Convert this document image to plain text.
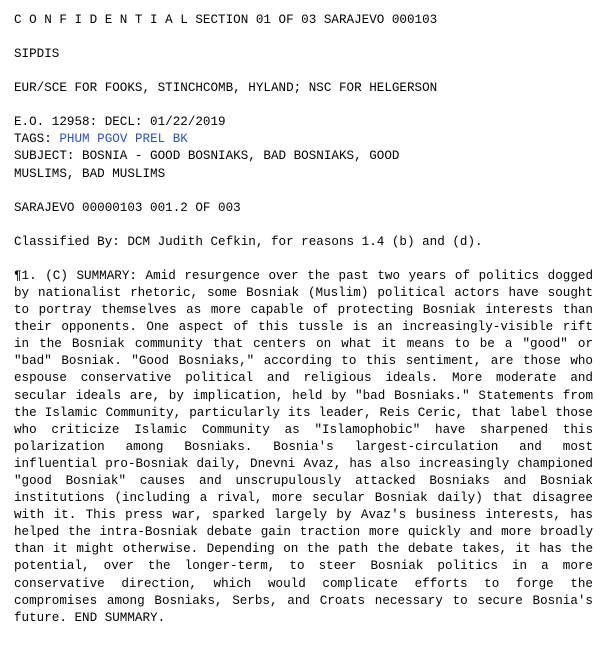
C O N F I D E N T I A L SECTION 01 OF 03 SARAJEVO 000103
SIPDIS
EUR/SCE FOR FOOKS, STINCHCOMB, HYLAND; NSC FOR HELGERSON
E.O. 12958: DECL: 01/22/2019
TAGS: PHUM PGOV PREL BK
SUBJECT: BOSNIA - GOOD BOSNIAKS, BAD BOSNIAKS, GOOD
MUSLIMS, BAD MUSLIMS
SARAJEVO 00000103 001.2 OF 003
Classified By: DCM Judith Cefkin, for reasons 1.4 (b) and (d).
¶1. (C) SUMMARY: Amid resurgence over the past two years of politics dogged by nationalist rhetoric, some Bosniak (Muslim) political actors have sought to portray themselves as more capable of protecting Bosniak interests than their opponents. One aspect of this tussle is an increasingly-visible rift in the Bosniak community that centers on what it means to be a "good" or "bad" Bosniak. "Good Bosniaks," according to this sentiment, are those who espouse conservative political and religious ideals. More moderate and secular ideals are, by implication, held by "bad Bosniaks." Statements from the Islamic Community, particularly its leader, Reis Ceric, that label those who criticize Islamic Community as "Islamophobic" have sharpened this polarization among Bosniaks. Bosnia's largest-circulation and most influential pro-Bosniak daily, Dnevni Avaz, has also increasingly championed "good Bosniak" causes and unscrupulously attacked Bosniaks and Bosniak institutions (including a rival, more secular Bosniak daily) that disagree with it. This press war, sparked largely by Avaz's business interests, has helped the intra-Bosniak debate gain traction more quickly and more broadly than it might otherwise. Depending on the path the debate takes, it has the potential, over the longer-term, to steer Bosniak politics in a more conservative direction, which would complicate efforts to forge the compromises among Bosniaks, Serbs, and Croats necessary to secure Bosnia's future. END SUMMARY.
